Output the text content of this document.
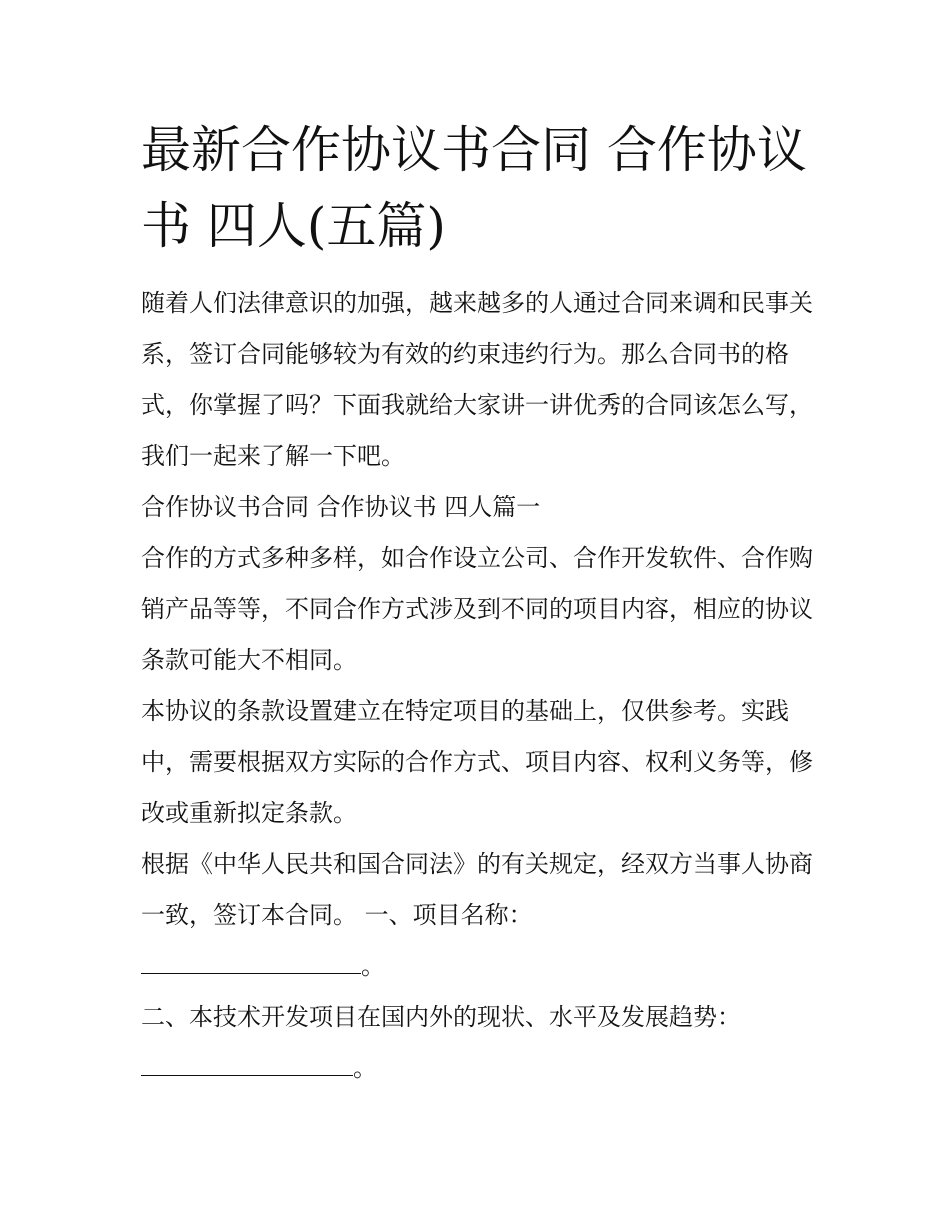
最新合作协议书合同 合作协议书 四人(五篇)

随着人们法律意识的加强，越来越多的人通过合同来调和民事关系，签订合同能够较为有效的约束违约行为。那么合同书的格式，你掌握了吗？下面我就给大家讲一讲优秀的合同该怎么写，我们一起来了解一下吧。

合作协议书合同 合作协议书 四人篇一

合作的方式多种多样，如合作设立公司、合作开发软件、合作购销产品等等，不同合作方式涉及到不同的项目内容，相应的协议条款可能大不相同。

本协议的条款设置建立在特定项目的基础上，仅供参考。实践中，需要根据双方实际的合作方式、项目内容、权利义务等，修改或重新拟定条款。

根据《中华人民共和国合同法》的有关规定，经双方当事人协商一致，签订本合同。 一、项目名称：

。

二、本技术开发项目在国内外的现状、水平及发展趋势：

。
